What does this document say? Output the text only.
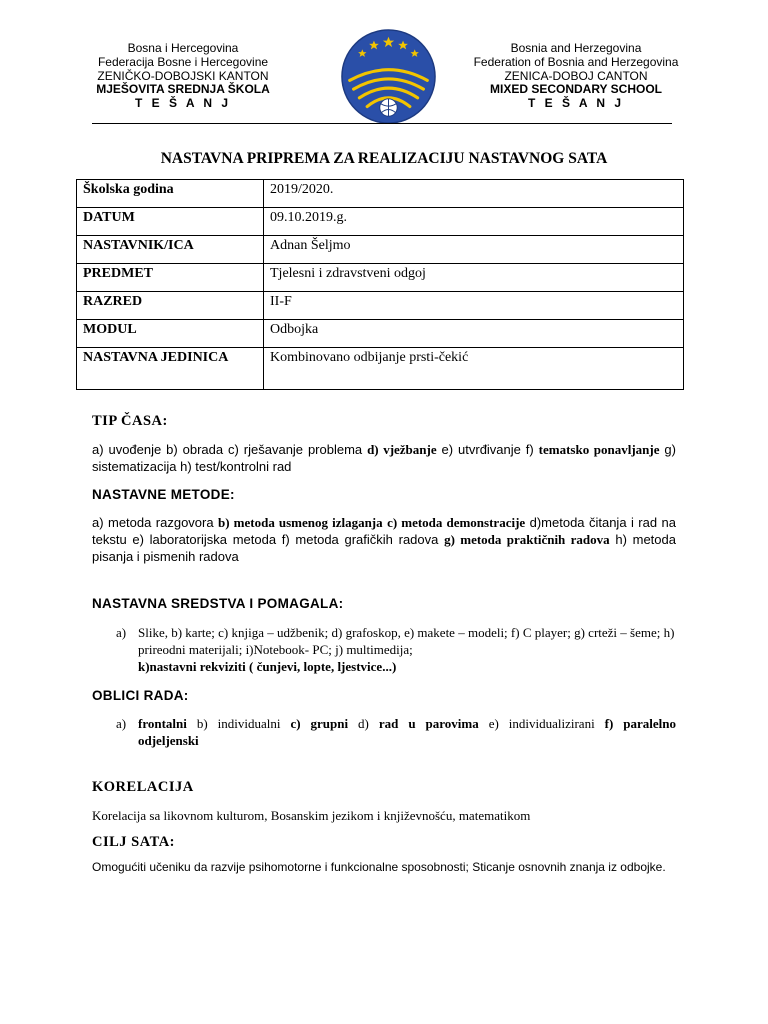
Bosna i Hercegovina
Federacija Bosne i Hercegovine
ZENIČKO-DOBOJSKI KANTON
MJEŠOVITA SREDNJA ŠKOLA
T E Š A N J
Bosnia and Herzegovina
Federation of Bosnia and Herzegovina
ZENICA-DOBOJ CANTON
MIXED SECONDARY SCHOOL
T E Š A N J
NASTAVNA PRIPREMA ZA REALIZACIJU NASTAVNOG SATA
Školska godina	2019/2020.
DATUM	09.10.2019.g.
NASTAVNIK/ICA	Adnan Šeljmo
PREDMET	Tjelesni i zdravstveni odgoj
RAZRED	II-F
MODUL	Odbojka
NASTAVNA JEDINICA	Kombinovano odbijanje prsti-čekić
TIP ČASA:
a) uvođenje b) obrada c) rješavanje problema d) vježbanje e) utvrđivanje f) tematsko ponavljanje g) sistematizacija h) test/kontrolni rad
NASTAVNE METODE:
a) metoda razgovora b) metoda usmenog izlaganja c) metoda demonstracije d)metoda čitanja i rad na tekstu e) laboratorijska metoda f) metoda grafičkih radova g) metoda praktičnih radova h) metoda pisanja i pismenih radova
NASTAVNA SREDSTVA I POMAGALA:
a) Slike, b) karte; c) knjiga – udžbenik; d) grafoskop, e) makete – modeli; f) C player; g) crteži – šeme; h) prireodni materijali; i)Notebook- PC; j) multimedija;
k)nastavni rekviziti ( čunjevi, lopte, ljestvice...)
OBLICI RADA:
a) frontalni b) individualni c) grupni d) rad u parovima e) individualizirani f) paralelno odjeljenski
KORELACIJA
Korelacija sa likovnom kulturom, Bosanskim jezikom i književnošću, matematikom
CILJ SATA:
Omogućiti učeniku da razvije psihomotorne i funkcionalne sposobnosti; Sticanje osnovnih znanja iz odbojke.
